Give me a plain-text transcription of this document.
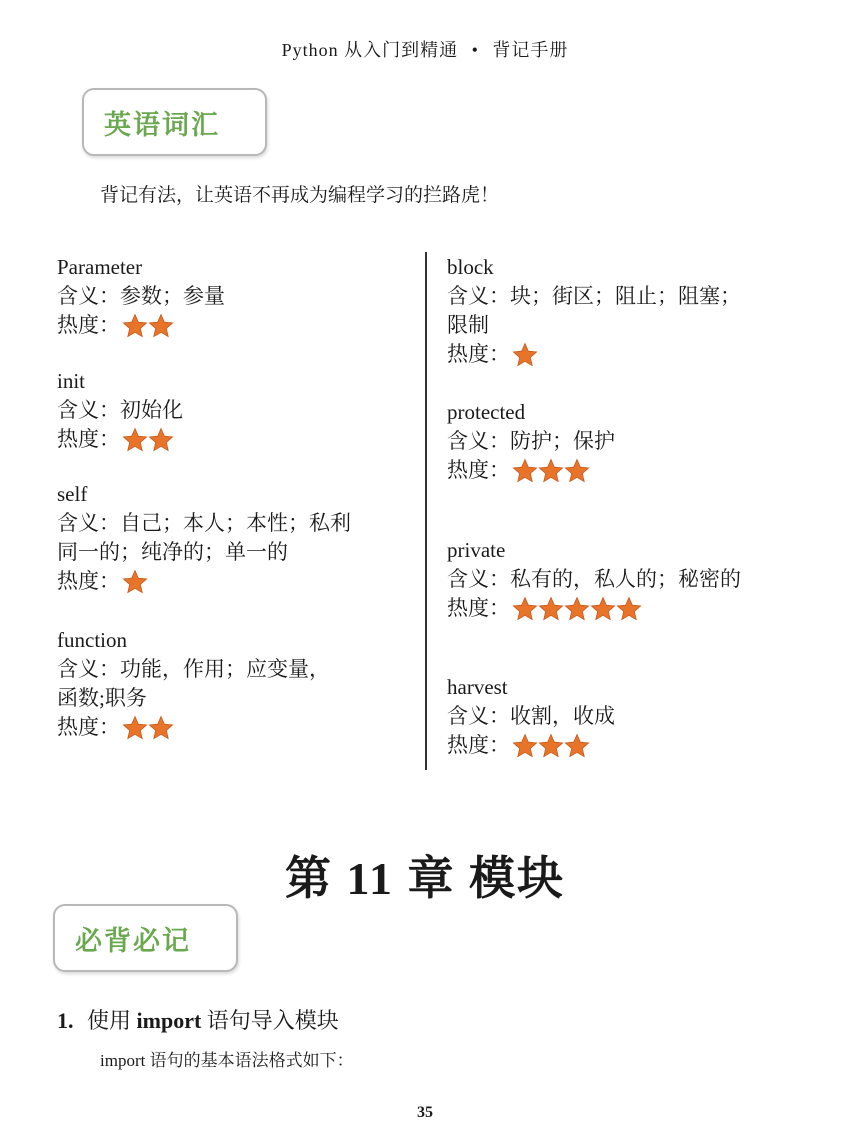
Python 从入门到精通 • 背记手册
英语词汇
背记有法，让英语不再成为编程学习的拦路虎！
Parameter
含义：参数；参量
热度：
init
含义：初始化
热度：
self
含义：自己；本人；本性；私利
同一的；纯净的；单一的
热度：
function
含义：功能，作用；应变量，
函数;职务
热度：
block
含义：块；街区；阻止；阻塞；
限制
热度：
protected
含义：防护；保护
热度：
private
含义：私有的，私人的；秘密的
热度：
harvest
含义：收割，收成
热度：
第 11 章 模块
必背必记
1. 使用 import 语句导入模块
import 语句的基本语法格式如下：
35
